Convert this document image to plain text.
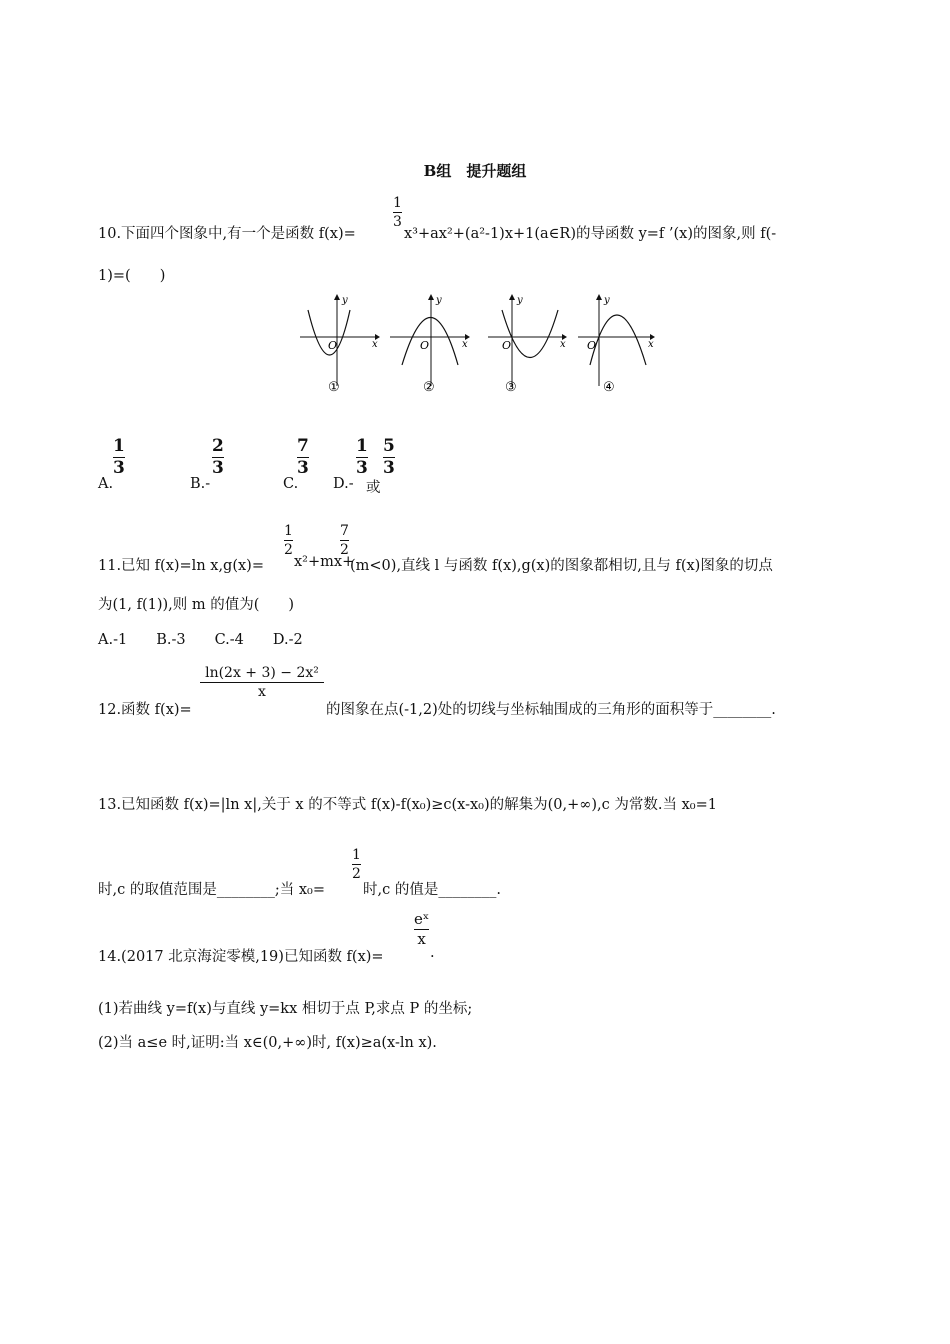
B组　提升题组
1
3
10.下面四个图象中,有一个是函数 f(x)=	x³+ax²+(a²-1)x+1(a∈R)的导函数 y=f ’(x)的图象,则 f(-
1)=(　　)
O	x
y
①
O	x
y
②
O	x
y
③
O	x
y
④
A.
1
3
B.-
2
3
C.
7
3
D.-
1
3
或
5
3
1
2
7
2
11.已知 f(x)=ln x,g(x)= x²+mx+
(m<0),直线 l 与函数 f(x),g(x)的图象都相切,且与 f(x)图象的切点
为(1, f(1)),则 m 的值为(　　)
A.-1　　B.-3　　C.-4　　D.-2
12.函数 f(x)=
ln(2x + 3) − 2x²
x
的图象在点(-1,2)处的切线与坐标轴围成的三角形的面积等于________.
13.已知函数 f(x)=|ln x|,关于 x 的不等式 f(x)-f(x₀)≥c(x-x₀)的解集为(0,+∞),c 为常数.当 x₀=1
1
2
时,c 的取值范围是________;当 x₀=	时,c 的值是________.
14.(2017 北京海淀零模,19)已知函数 f(x)=
eˣ
x
.
(1)若曲线 y=f(x)与直线 y=kx 相切于点 P,求点 P 的坐标;
(2)当 a≤e 时,证明:当 x∈(0,+∞)时, f(x)≥a(x-ln x).
